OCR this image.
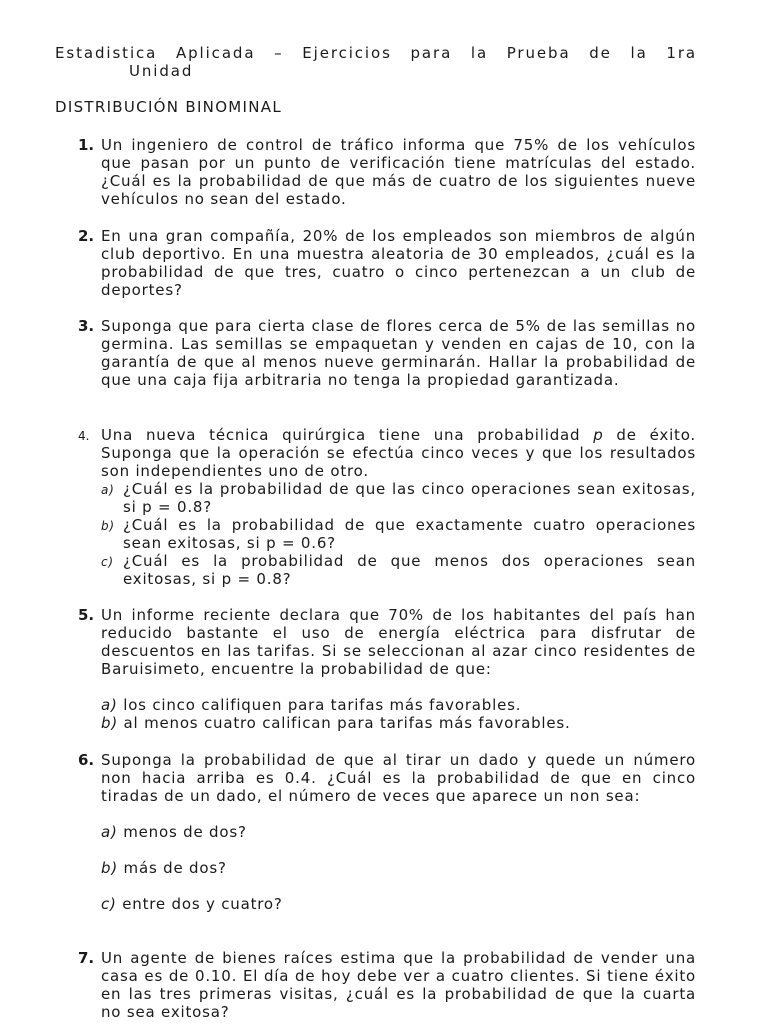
Estadistica Aplicada – Ejercicios para la Prueba de la 1ra
Unidad
DISTRIBUCIÓN BINOMINAL
1. Un ingeniero de control de tráfico informa que 75% de los vehículos que pasan por un punto de verificación tiene matrículas del estado. ¿Cuál es la probabilidad de que más de cuatro de los siguientes nueve vehículos no sean del estado.
2. En una gran compañía, 20% de los empleados son miembros de algún club deportivo. En una muestra aleatoria de 30 empleados, ¿cuál es la probabilidad de que tres, cuatro o cinco pertenezcan a un club de deportes?
3. Suponga que para cierta clase de flores cerca de 5% de las semillas no germina. Las semillas se empaquetan y venden en cajas de 10, con la garantía de que al menos nueve germinarán. Hallar la probabilidad de que una caja fija arbitraria no tenga la propiedad garantizada.
4. Una nueva técnica quirúrgica tiene una probabilidad p de éxito. Suponga que la operación se efectúa cinco veces y que los resultados son independientes uno de otro.
a) ¿Cuál es la probabilidad de que las cinco operaciones sean exitosas, si p = 0.8?
b) ¿Cuál es la probabilidad de que exactamente cuatro operaciones sean exitosas, si p = 0.6?
c) ¿Cuál es la probabilidad de que menos dos operaciones sean exitosas, si p = 0.8?
5. Un informe reciente declara que 70% de los habitantes del país han reducido bastante el uso de energía eléctrica para disfrutar de descuentos en las tarifas. Si se seleccionan al azar cinco residentes de Baruisimeto, encuentre la probabilidad de que:
a) los cinco califiquen para tarifas más favorables.
b) al menos cuatro califican para tarifas más favorables.
6. Suponga la probabilidad de que al tirar un dado y quede un número non hacia arriba es 0.4. ¿Cuál es la probabilidad de que en cinco tiradas de un dado, el número de veces que aparece un non sea:
a) menos de dos?
b) más de dos?
c) entre dos y cuatro?
7. Un agente de bienes raíces estima que la probabilidad de vender una casa es de 0.10. El día de hoy debe ver a cuatro clientes. Si tiene éxito en las tres primeras visitas, ¿cuál es la probabilidad de que la cuarta no sea exitosa?
